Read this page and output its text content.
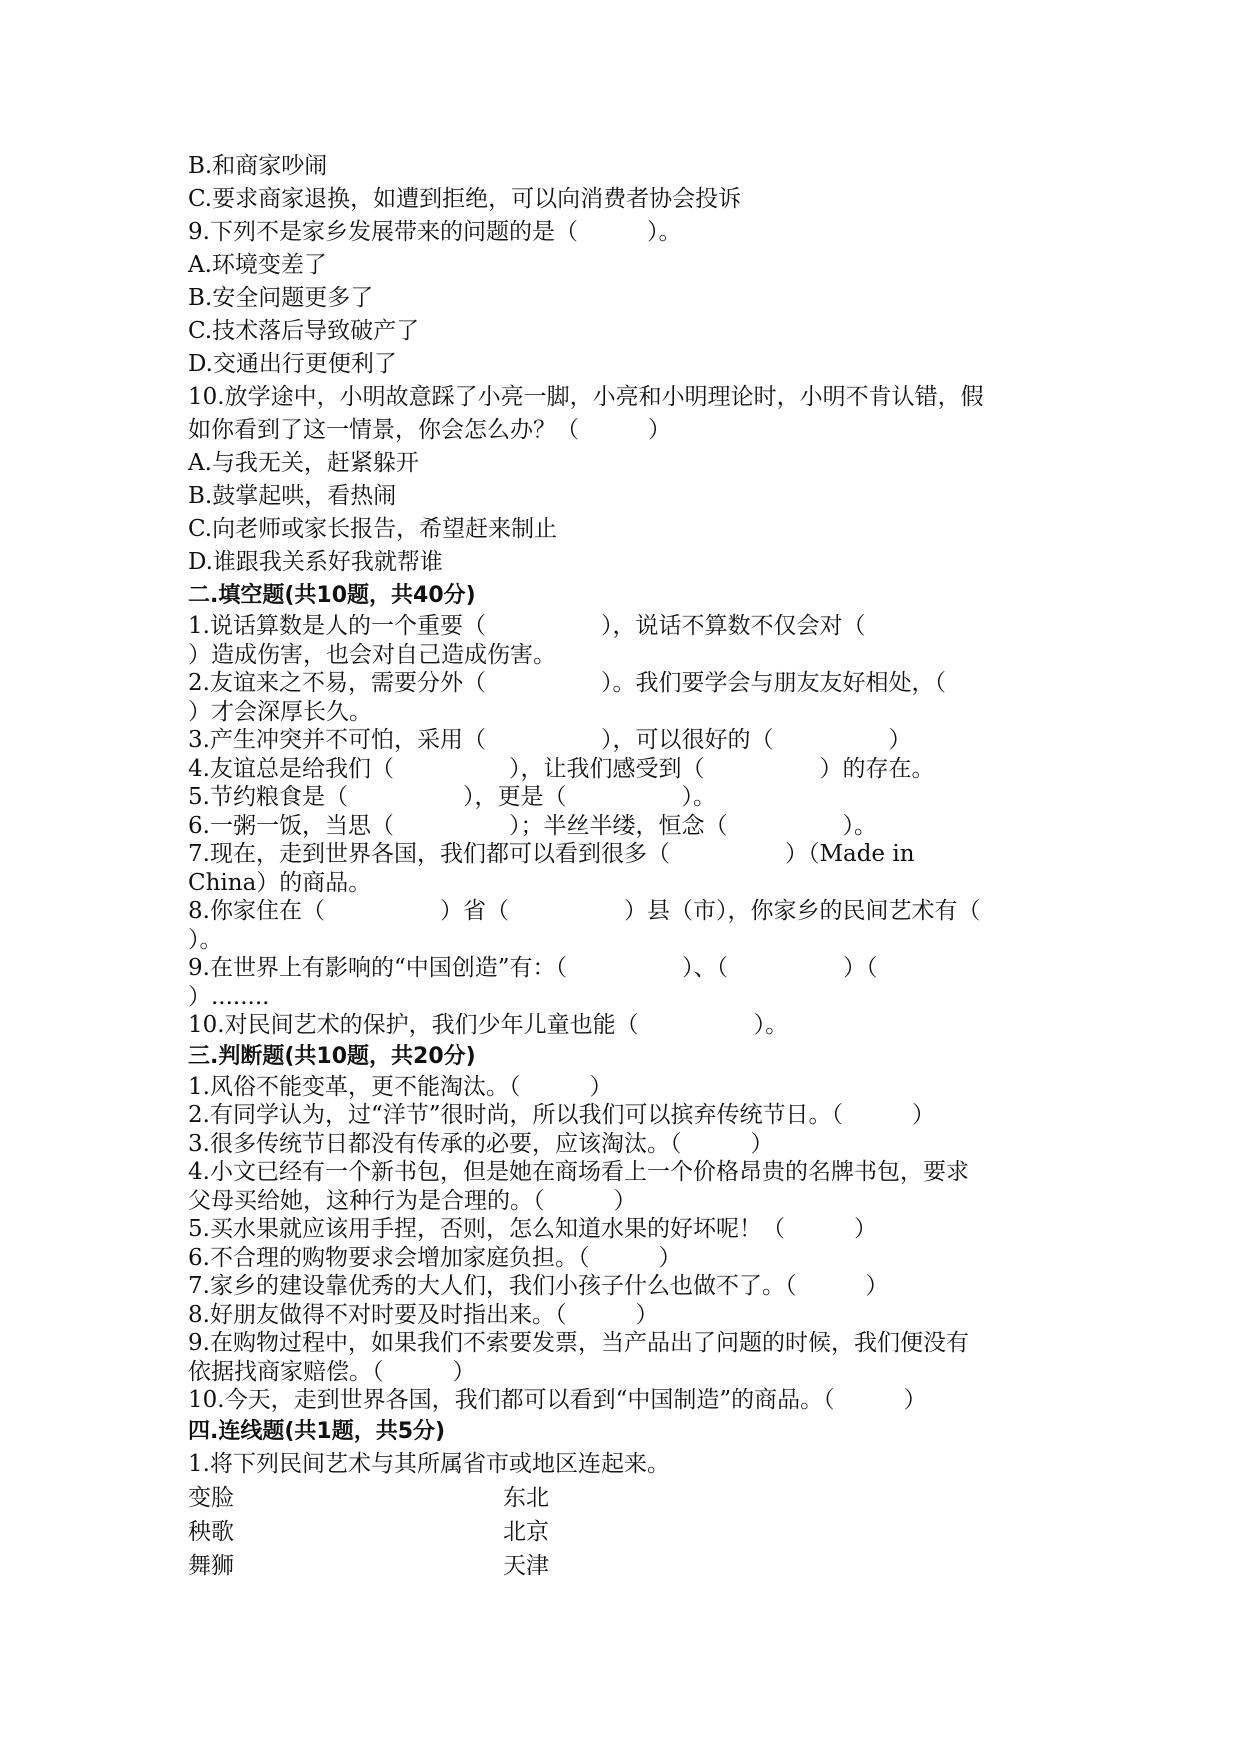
B.和商家吵闹
C.要求商家退换，如遭到拒绝，可以向消费者协会投诉
9.下列不是家乡发展带来的问题的是（　　　）。
A.环境变差了
B.安全问题更多了
C.技术落后导致破产了
D.交通出行更便利了
10.放学途中，小明故意踩了小亮一脚，小亮和小明理论时，小明不肯认错，假
如你看到了这一情景，你会怎么办？（　　　）
A.与我无关，赶紧躲开
B.鼓掌起哄，看热闹
C.向老师或家长报告，希望赶来制止
D.谁跟我关系好我就帮谁
二.填空题(共10题，共40分)
1.说话算数是人的一个重要（　　　　　），说话不算数不仅会对（
）造成伤害，也会对自己造成伤害。
2.友谊来之不易，需要分外（　　　　　）。我们要学会与朋友友好相处，（
）才会深厚长久。
3.产生冲突并不可怕，采用（　　　　　），可以很好的（　　　　　）
4.友谊总是给我们（　　　　　），让我们感受到（　　　　　）的存在。
5.节约粮食是（　　　　　），更是（　　　　　）。
6.一粥一饭，当思（　　　　　）；半丝半缕，恒念（　　　　　）。
7.现在，走到世界各国，我们都可以看到很多（　　　　　）（Made in
China）的商品。
8.你家住在（　　　　　）省（　　　　　）县（市），你家乡的民间艺术有（
）。
9.在世界上有影响的“中国创造”有：（　　　　　）、（　　　　　）（
）........
10.对民间艺术的保护，我们少年儿童也能（　　　　　）。
三.判断题(共10题，共20分)
1.风俗不能变革，更不能淘汰。（　　　）
2.有同学认为，过“洋节”很时尚，所以我们可以摈弃传统节日。（　　　）
3.很多传统节日都没有传承的必要，应该淘汰。（　　　）
4.小文已经有一个新书包，但是她在商场看上一个价格昂贵的名牌书包，要求
父母买给她，这种行为是合理的。（　　　）
5.买水果就应该用手捏，否则，怎么知道水果的好坏呢！（　　　）
6.不合理的购物要求会增加家庭负担。（　　　）
7.家乡的建设靠优秀的大人们，我们小孩子什么也做不了。（　　　）
8.好朋友做得不对时要及时指出来。（　　　）
9.在购物过程中，如果我们不索要发票，当产品出了问题的时候，我们便没有
依据找商家赔偿。（　　　）
10.今天，走到世界各国，我们都可以看到“中国制造”的商品。（　　　）
四.连线题(共1题，共5分)
1.将下列民间艺术与其所属省市或地区连起来。
变脸	东北
秧歌	北京
舞狮	天津
